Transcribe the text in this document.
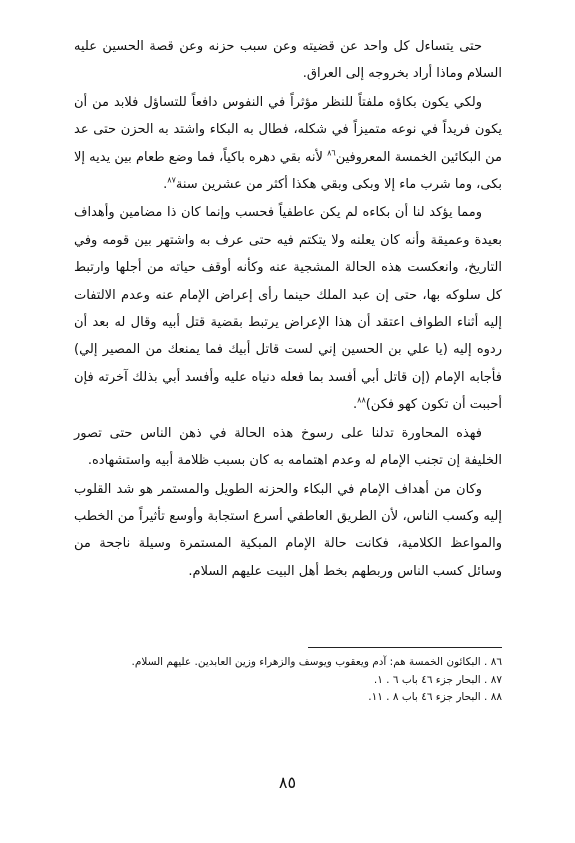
حتى يتساءل كل واحد عن قضيته وعن سبب حزنه وعن قصة الحسين عليه السلام وماذا أراد بخروجه إلى العراق.

ولكي يكون بكاؤه ملفتاً للنظر مؤثراً في النفوس دافعاً للتساؤل فلابد من أن يكون فريداً في نوعه متميزاً في شكله، فطال به البكاء واشتد به الحزن حتى عد من البكائين الخمسة المعروفين$^{٨٦}$ لأنه بقي دهره باكياً، فما وضع طعام بين يديه إلا بكى، وما شرب ماء إلا وبكى وبقي هكذا أكثر من عشرين سنة$^{٨٧}$.

ومما يؤكد لنا أن بكاءه لم يكن عاطفياً فحسب وإنما كان ذا مضامين وأهداف بعيدة وعميقة وأنه كان يعلنه ولا يتكتم فيه حتى عرف به واشتهر بين قومه وفي التاريخ، وانعكست هذه الحالة المشجية عنه وكأنه أوقف حياته من أجلها وارتبط كل سلوكه بها، حتى إن عبد الملك حينما رأى إعراض الإمام عنه وعدم الالتفات إليه أثناء الطواف اعتقد أن هذا الإعراض يرتبط بقضية قتل أبيه وقال له بعد أن ردوه إليه (يا علي بن الحسين إني لست قاتل أبيك فما يمنعك من المصير إلي) فأجابه الإمام (إن قاتل أبي أفسد بما فعله دنياه عليه وأفسد أبي بذلك آخرته فإن أحببت أن تكون كهو فكن)$^{٨٨}$.

فهذه المحاورة تدلنا على رسوخ هذه الحالة في ذهن الناس حتى تصور الخليفة إن تجنب الإمام له وعدم اهتمامه به كان بسبب ظلامة أبيه واستشهاده.

وكان من أهداف الإمام في البكاء والحزنه الطويل والمستمر هو شد القلوب إليه وكسب الناس، لأن الطريق العاطفي أسرع استجابة وأوسع تأثيراً من الخطب والمواعظ الكلامية، فكانت حالة الإمام المبكية المستمرة وسيلة ناجحة من وسائل كسب الناس وربطهم بخط أهل البيت عليهم السلام.

٨٦ . البكائون الخمسة هم: آدم ويعقوب ويوسف والزهراء وزين العابدين. عليهم السلام.

٨٧ . البحار جزء ٤٦ باب ٦ . ١.

٨٨ . البحار جزء ٤٦ باب ٨ . ١١.

٨٥
